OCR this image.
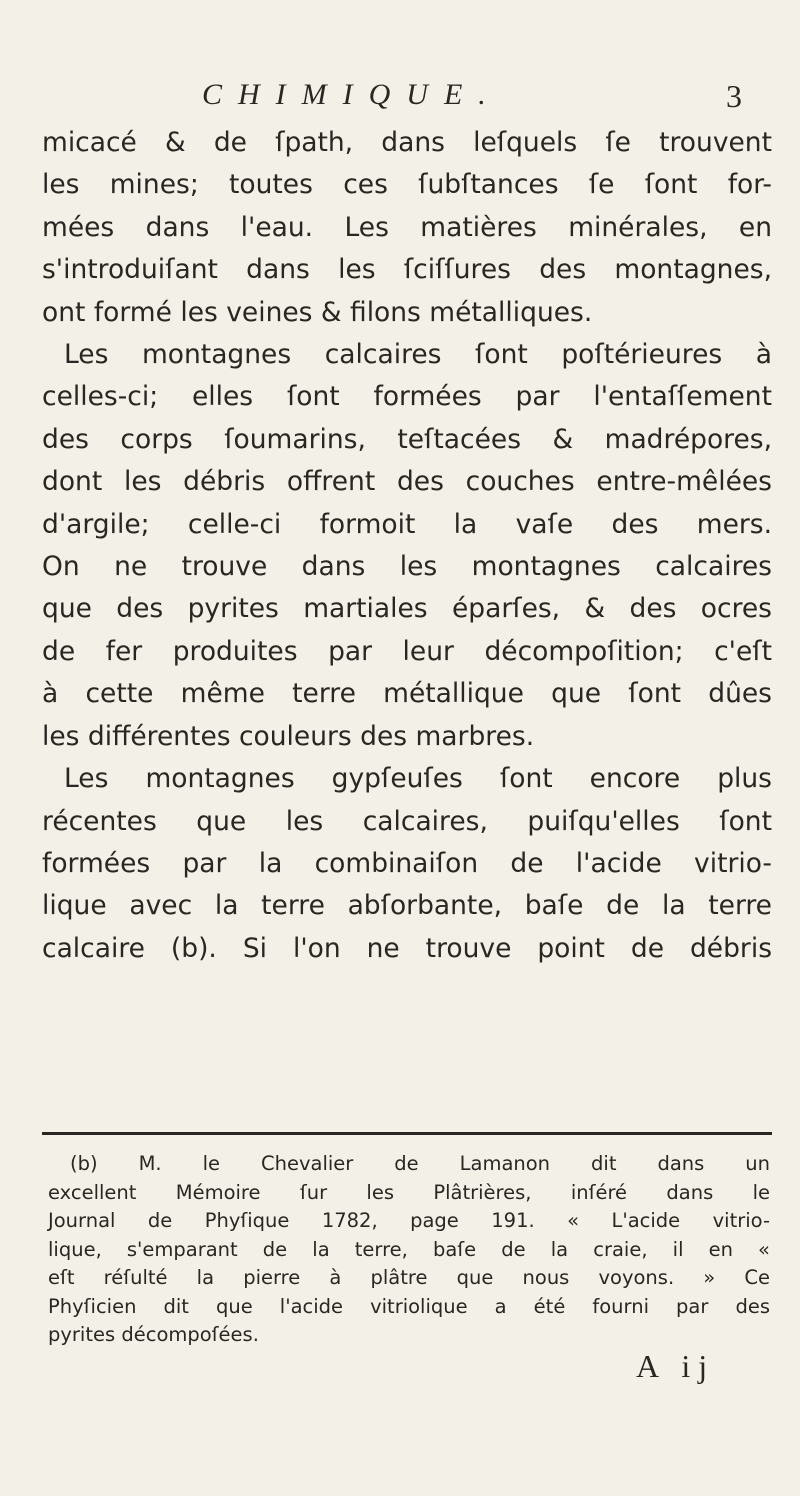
CHIMIQUE.	3
micacé & de ſpath, dans leſquels ſe trouvent
les mines; toutes ces ſubſtances ſe ſont for-
mées dans l'eau. Les matières minérales, en
s'introduiſant dans les ſciſſures des montagnes,
ont formé les veines & filons métalliques.
Les montagnes calcaires ſont poſtérieures à
celles-ci; elles ſont formées par l'entaſſement
des corps ſoumarins, teſtacées & madrépores,
dont les débris offrent des couches entre-mêlées
d'argile; celle-ci formoit la vaſe des mers.
On ne trouve dans les montagnes calcaires
que des pyrites martiales éparſes, & des ocres
de fer produites par leur décompoſition; c'eſt
à cette même terre métallique que ſont dûes
les différentes couleurs des marbres.
Les montagnes gypſeuſes ſont encore plus
récentes que les calcaires, puiſqu'elles ſont
formées par la combinaiſon de l'acide vitrio-
lique avec la terre abſorbante, baſe de la terre
calcaire (b). Si l'on ne trouve point de débris
(b) M. le Chevalier de Lamanon dit dans un
excellent Mémoire ſur les Plâtrières, inſéré dans le
Journal de Phyſique 1782, page 191. « L'acide vitrio-
lique, s'emparant de la terre, baſe de la craie, il en «
eſt réſulté la pierre à plâtre que nous voyons. » Ce
Phyſicien dit que l'acide vitriolique a été fourni par des
pyrites décompoſées.
A ij
